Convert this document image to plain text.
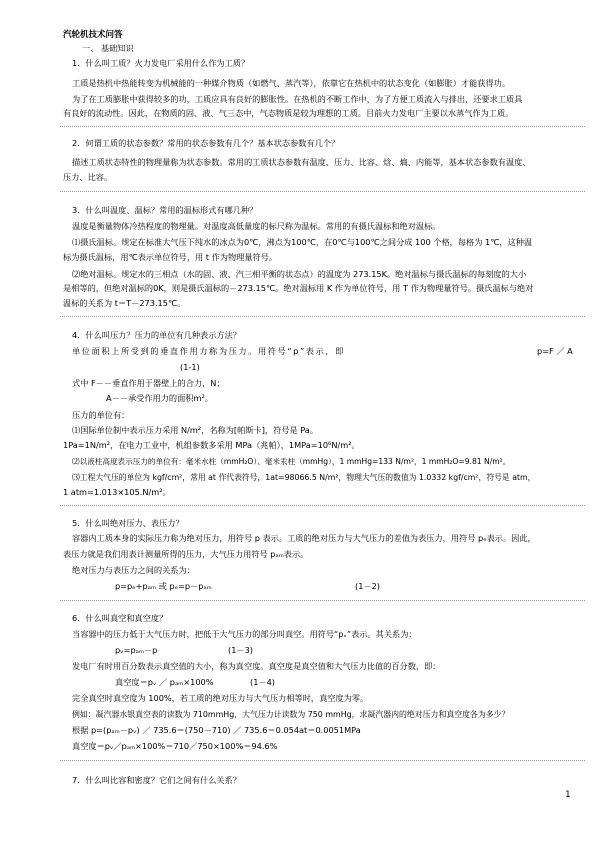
汽轮机技术问答
一、 基础知识
1．什么叫工质？火力发电厂采用什么作为工质？
工质是热机中热能转变为机械能的一种媒介物质（如燃气、蒸汽等），依靠它在热机中的状态变化（如膨胀）才能获得功。
为了在工质膨胀中获得较多的功，工质应具有良好的膨胀性。在热机的不断工作中，为了方便工质流入与排出，还要求工质具
有良好的流动性。因此，在物质的固、液、气三态中，气态物质是较为理想的工质。目前火力发电厂主要以水蒸气作为工质。
2．何谓工质的状态参数？常用的状态参数有几个？基本状态参数有几个？
描述工质状态特性的物理量称为状态参数。常用的工质状态参数有温度、压力、比容、焓、熵、内能等，基本状态参数有温度、
压力、比容。
3．什么叫温度、温标？常用的温标形式有哪几种？
温度是衡量物体冷热程度的物理量。对温度高低量度的标尺称为温标。常用的有摄氏温标和绝对温标。
⑴摄氏温标。规定在标准大气压下纯水的冰点为0℃，沸点为100℃，在0℃与100℃之间分成 100 个格，每格为 1℃，这种温
标为摄氏温标，用℃表示单位符号，用 t 作为物理量符号。
⑵绝对温标。规定水的三相点（水的固、液、汽三相平衡的状态点）的温度为 273.15K。绝对温标与摄氏温标的每刻度的大小
是相等的，但绝对温标的0K，则是摄氏温标的－273.15℃。绝对温标用 K 作为单位符号，用 T 作为物理量符号。摄氏温标与绝对
温标的关系为 t＝T－273.15℃。
4．什么叫压力？压力的单位有几种表示方法？
单位面积上所受到的垂直作用力称为压力。用符号“p”表示，即	p=F ／ A
(1-1)
式中 F－－垂直作用于器壁上的合力，N；
A－－承受作用力的面积m²。
压力的单位有：
⑴国际单位制中表示压力采用 N/m²，名称为[帕斯卡]，符号是 Pa。
1Pa=1N/m²，在电力工业中，机组参数多采用 MPa（兆帕），1MPa=10⁶N/m²。
⑵以液柱高度表示压力的单位有：毫米水柱（mmH₂O）、毫米汞柱（mmHg），1 mmHg=133 N/m²，1 mmH₂O=9.81 N/m²。
⑶工程大气压的单位为 kgf/cm²，常用 at 作代表符号，1at=98066.5 N/m²，物理大气压的数值为 1.0332 kgf/cm²，符号是 atm，
1 atm=1.013×105.N/m²。
5．什么叫绝对压力、表压力？
容器内工质本身的实际压力称为绝对压力，用符号 p 表示。工质的绝对压力与大气压力的差值为表压力，用符号 pₑ表示。因此，
表压力就是我们用表计测量所得的压力，大气压力用符号 pₐₘ表示。
绝对压力与表压力之间的关系为：
p=pₑ+pₐₘ 或 pₑ=p－pₐₘ	(1－2)
6．什么叫真空和真空度？
当容器中的压力低于大气压力时，把低于大气压力的部分叫真空。用符号“pᵥ”表示。其关系为：
pᵥ=pₐₘ－p	(1－3)
发电厂有时用百分数表示真空值的大小，称为真空度。真空度是真空值和大气压力比值的百分数，即：
真空度＝pᵥ ／ pₐₘ×100%	(1－4)
完全真空时真空度为 100%，若工质的绝对压力与大气压力相等时，真空度为零。
例如：凝汽器水银真空表的读数为 710mmHg，大气压力计读数为 750 mmHg，求凝汽器内的绝对压力和真空度各为多少？
根据 p=(pₐₘ－pᵥ) ／ 735.6＝(750－710) ／ 735.6＝0.054at＝0.0051MPa
真空度＝pᵥ／pₐₘ×100%＝710／750×100%＝94.6%
7．什么叫比容和密度？它们之间有什么关系？
1
